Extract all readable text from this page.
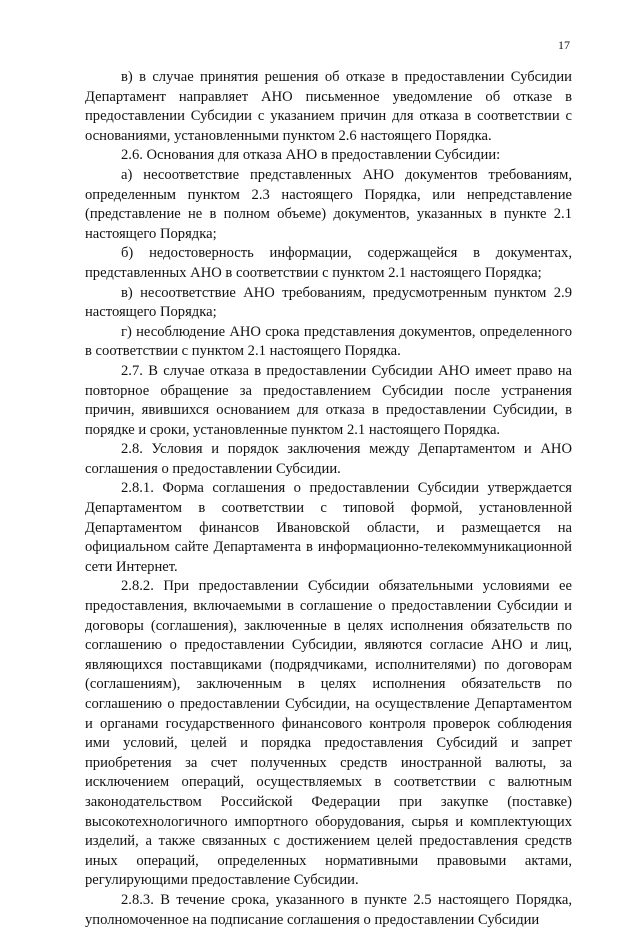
17

в) в случае принятия решения об отказе в предоставлении Субсидии Департамент направляет АНО письменное уведомление об отказе в предоставлении Субсидии с указанием причин для отказа в соответствии с основаниями, установленными пунктом 2.6 настоящего Порядка.

2.6. Основания для отказа АНО в предоставлении Субсидии:

а) несоответствие представленных АНО документов требованиям, определенным пунктом 2.3 настоящего Порядка, или непредставление (представление не в полном объеме) документов, указанных в пункте 2.1 настоящего Порядка;

б) недостоверность информации, содержащейся в документах, представленных АНО в соответствии с пунктом 2.1 настоящего Порядка;

в) несоответствие АНО требованиям, предусмотренным пунктом 2.9 настоящего Порядка;

г) несоблюдение АНО срока представления документов, определенного в соответствии с пунктом 2.1 настоящего Порядка.

2.7. В случае отказа в предоставлении Субсидии АНО имеет право на повторное обращение за предоставлением Субсидии после устранения причин, явившихся основанием для отказа в предоставлении Субсидии, в порядке и сроки, установленные пунктом 2.1 настоящего Порядка.

2.8. Условия и порядок заключения между Департаментом и АНО соглашения о предоставлении Субсидии.

2.8.1. Форма соглашения о предоставлении Субсидии утверждается Департаментом в соответствии с типовой формой, установленной Департаментом финансов Ивановской области, и размещается на официальном сайте Департамента в информационно-телекоммуникационной сети Интернет.

2.8.2. При предоставлении Субсидии обязательными условиями ее предоставления, включаемыми в соглашение о предоставлении Субсидии и договоры (соглашения), заключенные в целях исполнения обязательств по соглашению о предоставлении Субсидии, являются согласие АНО и лиц, являющихся поставщиками (подрядчиками, исполнителями) по договорам (соглашениям), заключенным в целях исполнения обязательств по соглашению о предоставлении Субсидии, на осуществление Департаментом и органами государственного финансового контроля проверок соблюдения ими условий, целей и порядка предоставления Субсидий и запрет приобретения за счет полученных средств иностранной валюты, за исключением операций, осуществляемых в соответствии с валютным законодательством Российской Федерации при закупке (поставке) высокотехнологичного импортного оборудования, сырья и комплектующих изделий, а также связанных с достижением целей предоставления средств иных операций, определенных нормативными правовыми актами, регулирующими предоставление Субсидии.

2.8.3. В течение срока, указанного в пункте 2.5 настоящего Порядка, уполномоченное на подписание соглашения о предоставлении Субсидии
